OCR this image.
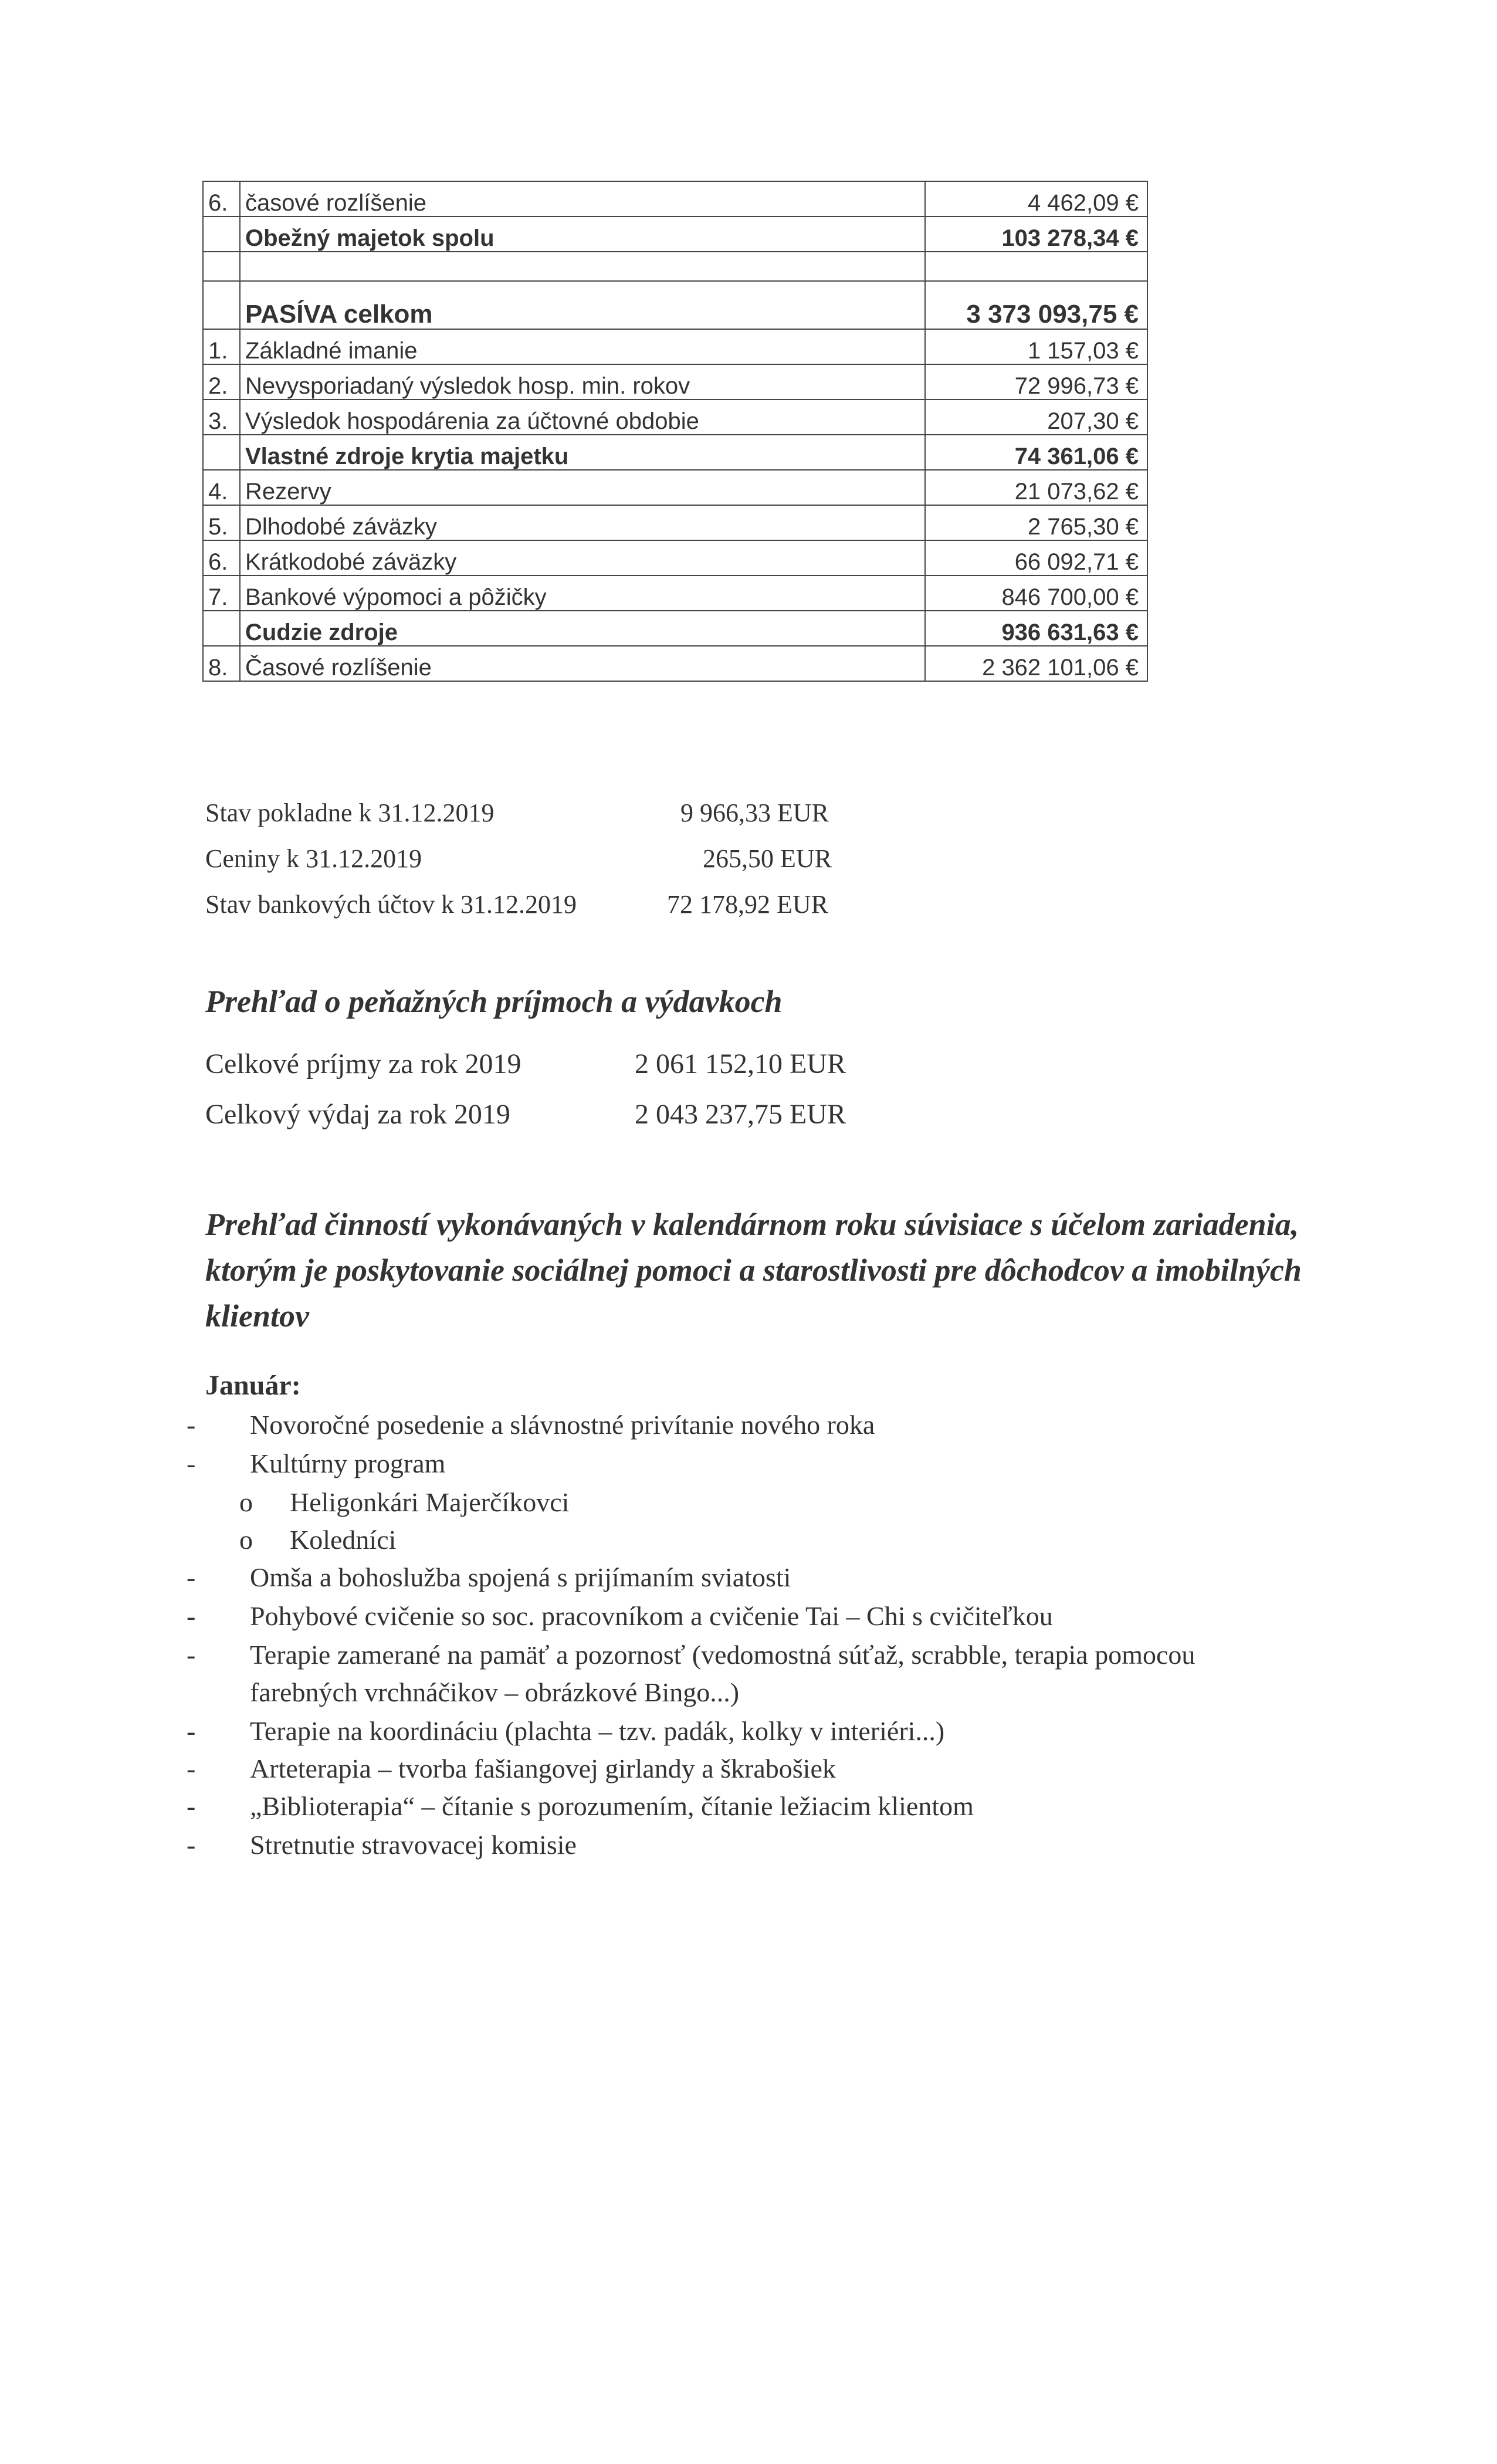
6.	časové rozlíšenie	4 462,09 €
	Obežný majetok spolu	103 278,34 €

	PASÍVA celkom	3 373 093,75 €
1.	Základné imanie	1 157,03 €
2.	Nevysporiadaný výsledok hosp. min. rokov	72 996,73 €
3.	Výsledok hospodárenia za účtovné obdobie	207,30 €
	Vlastné zdroje krytia majetku	74 361,06 €
4.	Rezervy	21 073,62 €
5.	Dlhodobé záväzky	2 765,30 €
6.	Krátkodobé záväzky	66 092,71 €
7.	Bankové výpomoci a pôžičky	846 700,00 €
	Cudzie zdroje	936 631,63 €
8.	Časové rozlíšenie	2 362 101,06 €
Stav pokladne k 31.12.2019	9 966,33 EUR
Ceniny k 31.12.2019	265,50 EUR
Stav bankových účtov k 31.12.2019	72 178,92 EUR
Prehľad o peňažných príjmoch a výdavkoch
Celkové príjmy za rok 2019	2 061 152,10 EUR
Celkový výdaj za rok 2019	2 043 237,75 EUR
Prehľad činností vykonávaných v kalendárnom roku súvisiace s účelom zariadenia,
ktorým je poskytovanie sociálnej pomoci a starostlivosti pre dôchodcov a imobilných
klientov
Január:
-	Novoročné posedenie a slávnostné privítanie nového roka
-	Kultúrny program
o Heligonkári Majerčíkovci
o Koledníci
-	Omša a bohoslužba spojená s prijímaním sviatosti
-	Pohybové cvičenie so soc. pracovníkom a cvičenie Tai – Chi s cvičiteľkou
-	Terapie zamerané na pamäť a pozornosť (vedomostná súťaž, scrabble, terapia pomocou
farebných vrchnáčikov – obrázkové Bingo...)
-	Terapie na koordináciu (plachta – tzv. padák, kolky v interiéri...)
-	Arteterapia – tvorba fašiangovej girlandy a škrabošiek
-	„Biblioterapia“ – čítanie s porozumením, čítanie ležiacim klientom
-	Stretnutie stravovacej komisie
